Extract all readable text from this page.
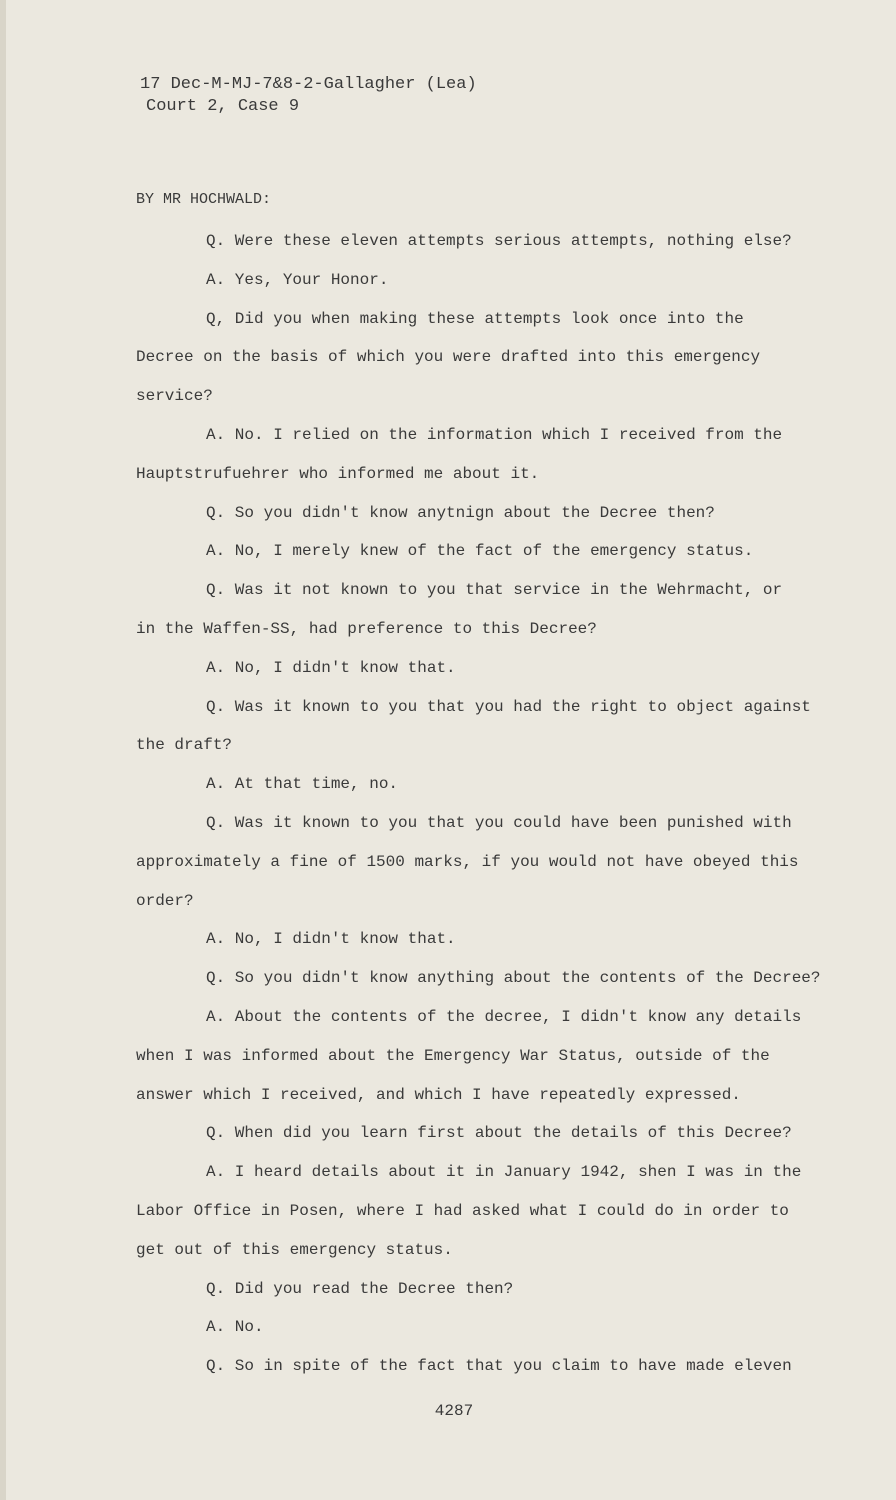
17 Dec-M-MJ-7&8-2-Gallagher (Lea)
Court 2, Case 9
BY MR HOCHWALD:
Q. Were these eleven attempts serious attempts, nothing else?
A. Yes, Your Honor.
Q, Did you when making these attempts look once into the
Decree on the basis of which you were drafted into this emergency
service?
A. No. I relied on the information which I received from the
Hauptstrufuehrer who informed me about it.
Q. So you didn't know anytnign about the Decree then?
A. No, I merely knew of the fact of the emergency status.
Q. Was it not known to you that service in the Wehrmacht, or
in the Waffen-SS, had preference to this Decree?
A. No, I didn't know that.
Q. Was it known to you that you had the right to object against
the draft?
A. At that time, no.
Q. Was it known to you that you could have been punished with
approximately a fine of 1500 marks, if you would not have obeyed this
order?
A. No, I didn't know that.
Q. So you didn't know anything about the contents of the Decree?
A. About the contents of the decree, I didn't know any details
when I was informed about the Emergency War Status, outside of the
answer which I received, and which I have repeatedly expressed.
Q. When did you learn first about the details of this Decree?
A. I heard details about it in January 1942, shen I was in the
Labor Office in Posen, where I had asked what I could do in order to
get out of this emergency status.
Q. Did you read the Decree then?
A. No.
Q. So in spite of the fact that you claim to have made eleven
4287
